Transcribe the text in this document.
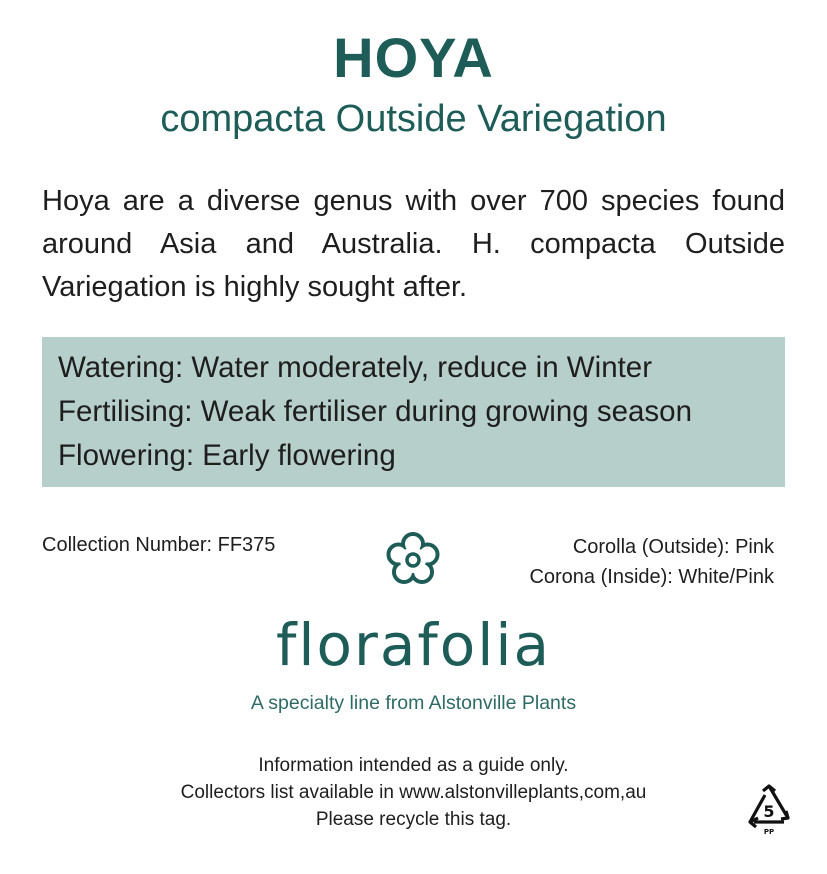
HOYA
compacta Outside Variegation
Hoya are a diverse genus with over 700 species found around Asia and Australia. H. compacta Outside Variegation is highly sought after.
Watering: Water moderately, reduce in Winter
Fertilising: Weak fertiliser during growing season
Flowering: Early flowering
Collection Number: FF375	Corolla (Outside): Pink
Corona (Inside): White/Pink
florafolia
A specialty line from Alstonville Plants
Information intended as a guide only.
Collectors list available in www.alstonvilleplants,com,au
Please recycle this tag.	5
PP
